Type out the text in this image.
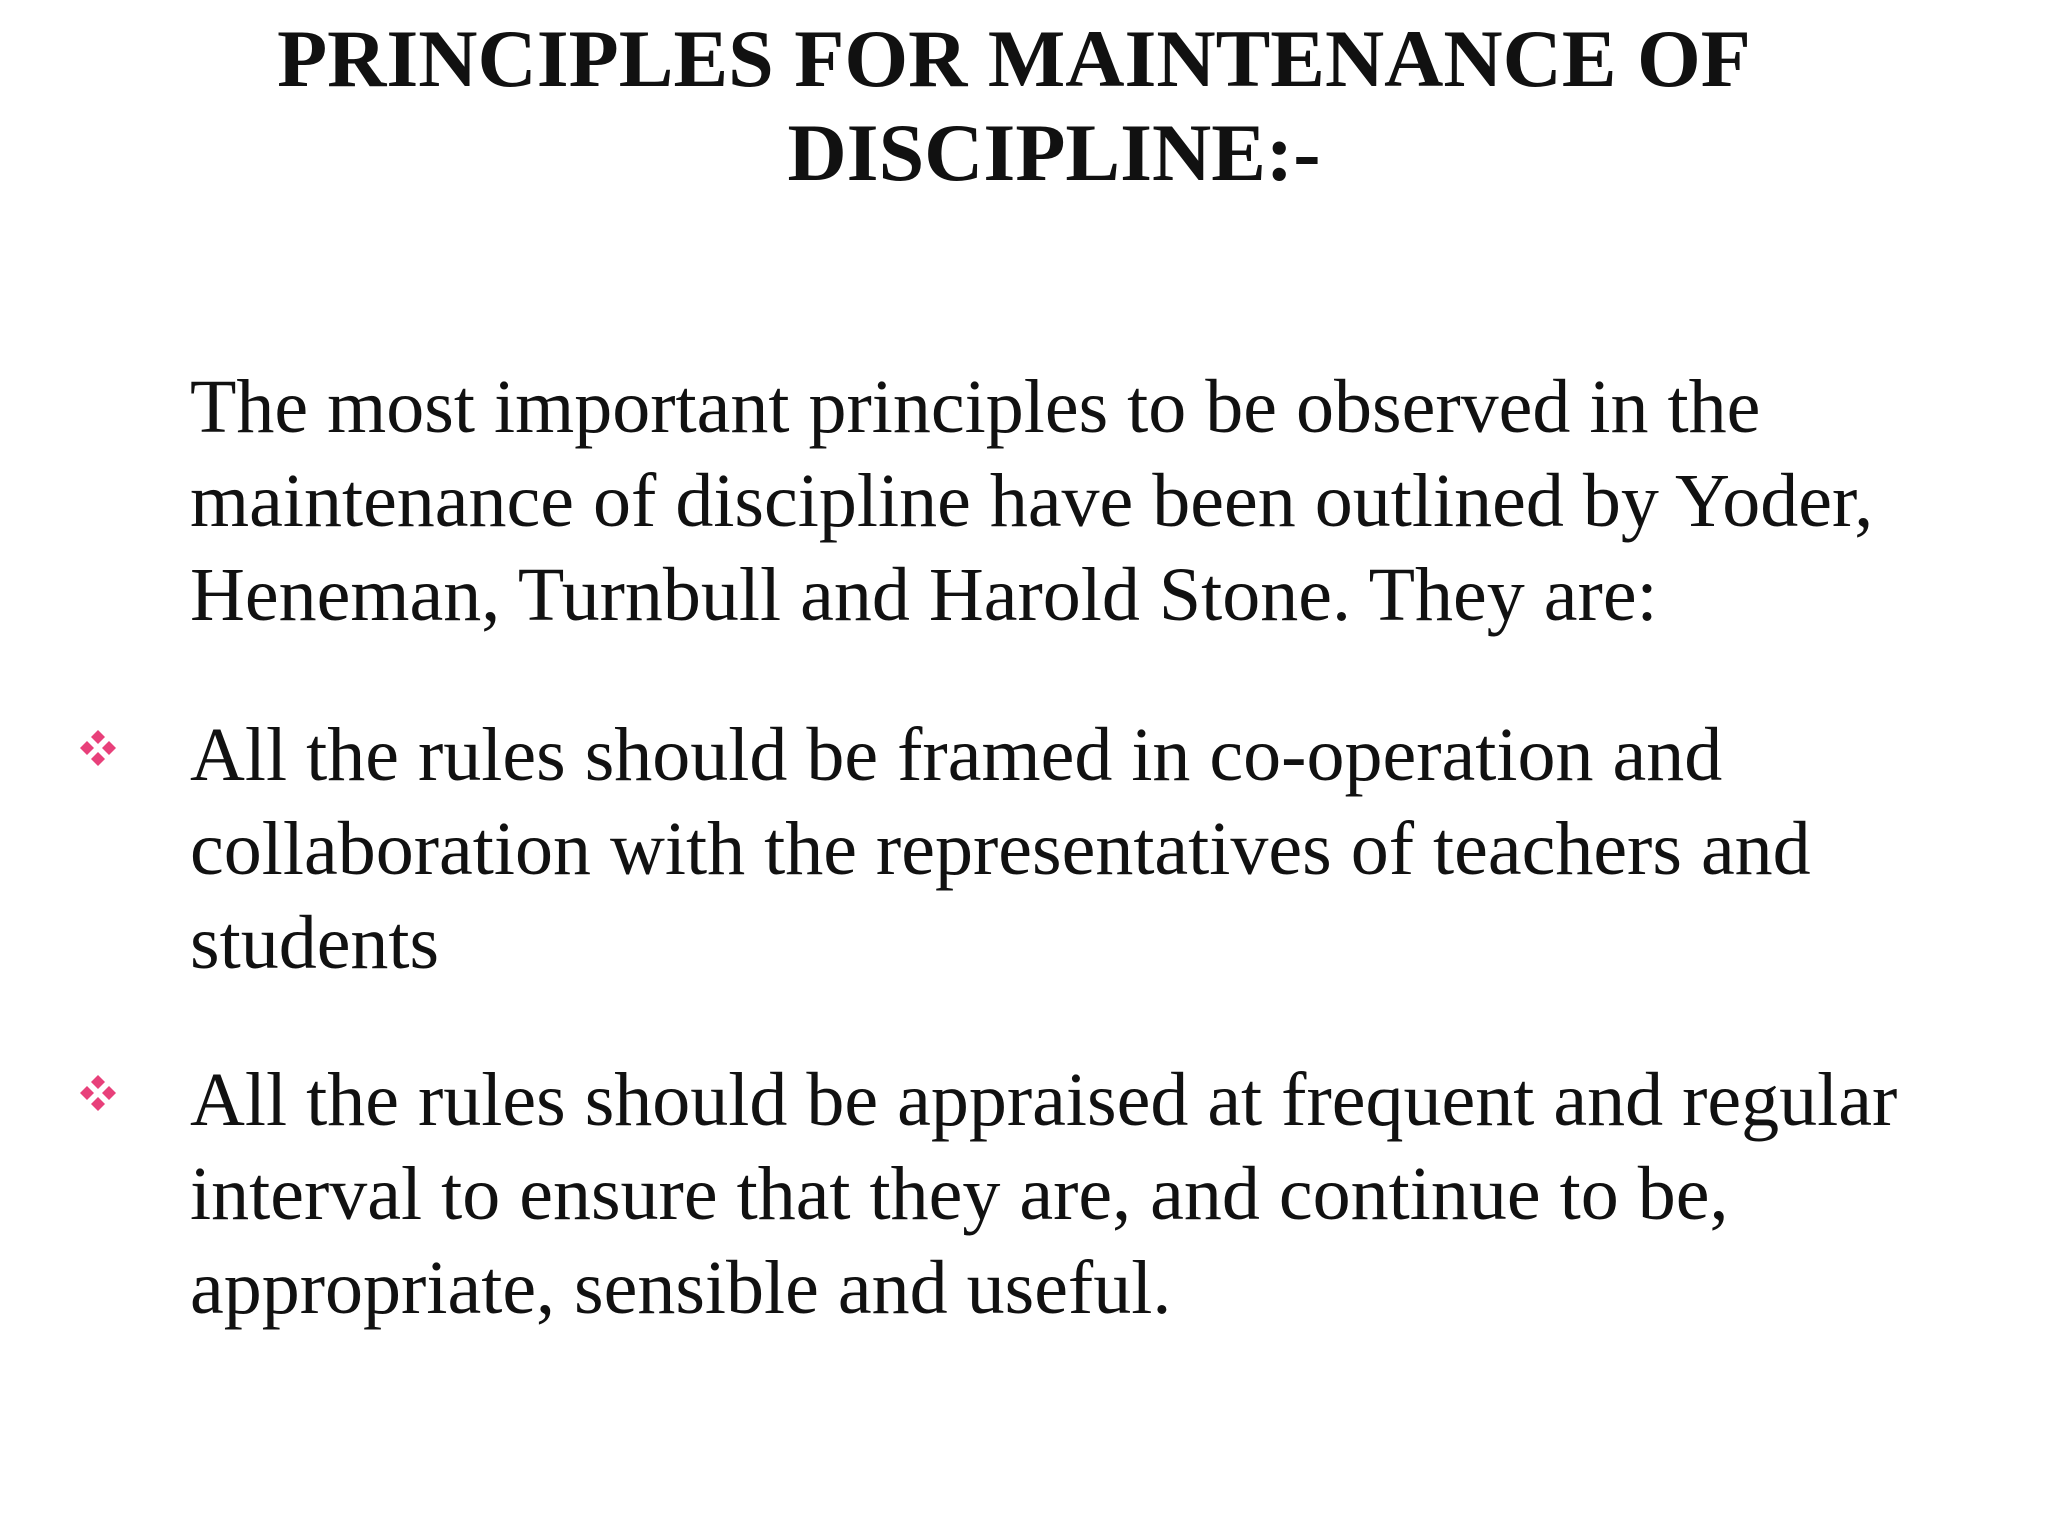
PRINCIPLES FOR MAINTENANCE OF
DISCIPLINE:-

The most important principles to be observed in the
maintenance of discipline have been outlined by Yoder,
Heneman, Turnbull and Harold Stone. They are:

All the rules should be framed in co-operation and
collaboration with the representatives of teachers and
students

All the rules should be appraised at frequent and regular
interval to ensure that they are, and continue to be,
appropriate, sensible and useful.
